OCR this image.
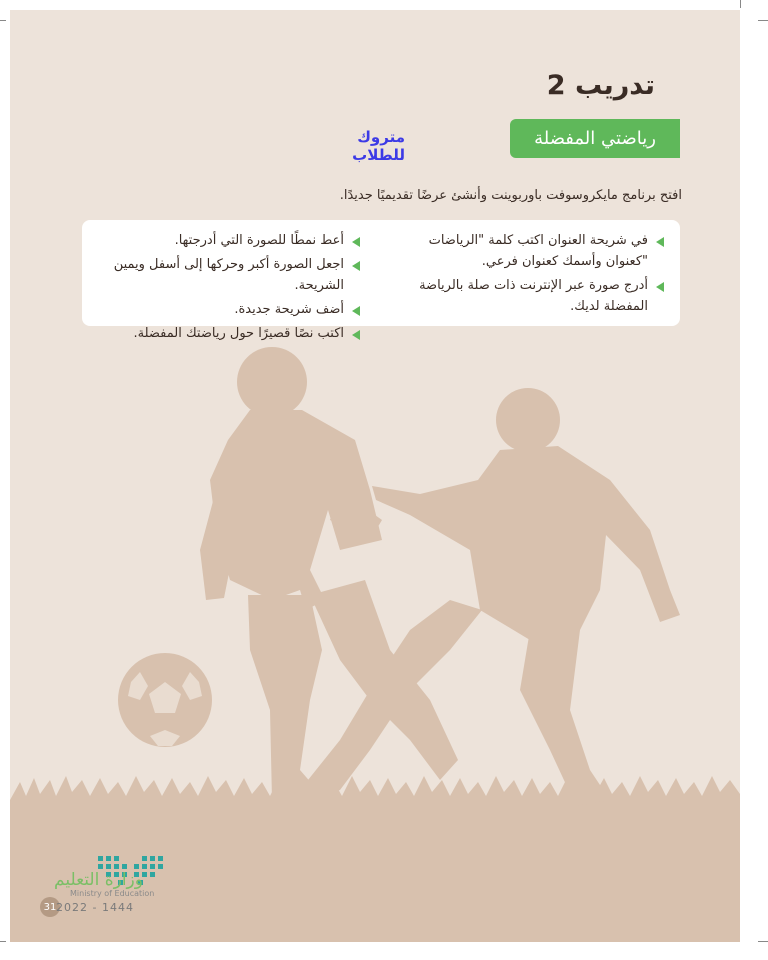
تدريب 2
رياضتي المفضلة
متروك للطلاب
افتح برنامج مايكروسوفت باوربوينت وأنشئ عرضًا تقديميًا جديدًا.
في شريحة العنوان اكتب كلمة "الرياضات "كعنوان وأسمك كعنوان فرعي.
أدرج صورة عبر الإنترنت ذات صلة بالرياضة المفضلة لديك.
أعط نمطًا للصورة التي أدرجتها.
اجعل الصورة أكبر وحركها إلى أسفل ويمين الشريحة.
أضف شريحة جديدة.
اكتب نصًا قصيرًا حول رياضتك المفضلة.
وزارة التعليم
Ministry of Education
31 2022 - 1444
